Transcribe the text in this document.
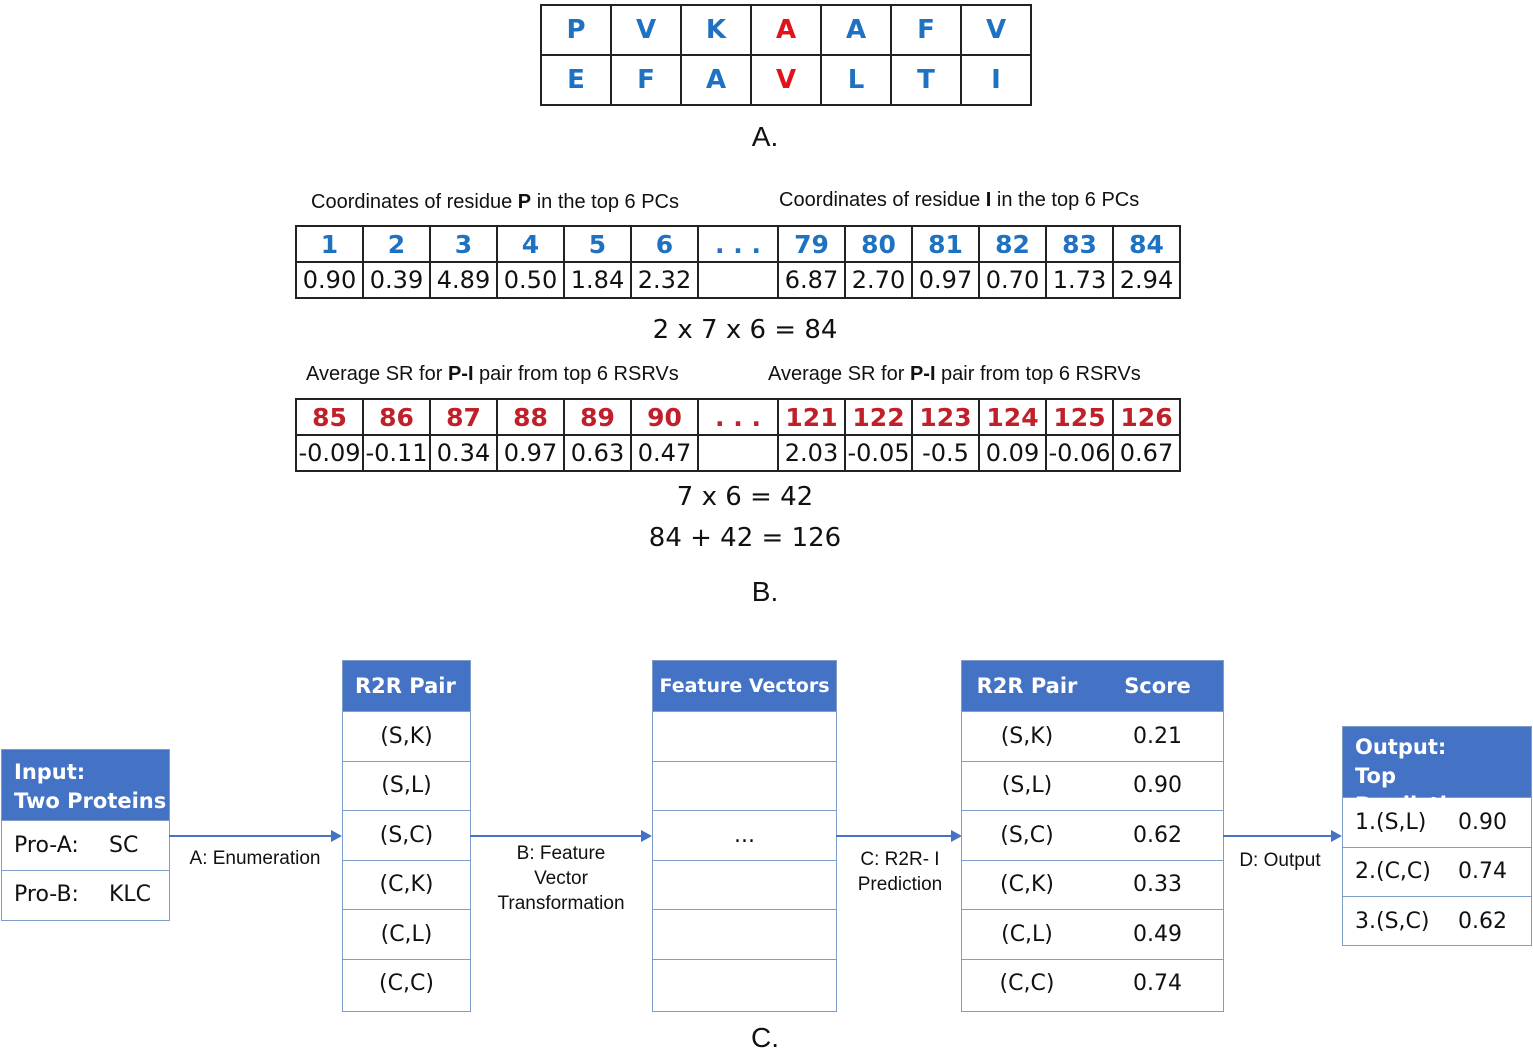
P	V	K	A	A	F	V
E	F	A	V	L	T	I
A.
Coordinates of residue P in the top 6 PCs	Coordinates of residue I in the top 6 PCs
1	2	3	4	5	6	. . .	79	80	81	82	83	84
0.90	0.39	4.89	0.50	1.84	2.32		6.87	2.70	0.97	0.70	1.73	2.94
2 x 7 x 6 = 84
Average SR for P-I pair from top 6 RSRVs	Average SR for P-I pair from top 6 RSRVs
85	86	87	88	89	90	. . .	121	122	123	124	125	126
-0.09	-0.11	0.34	0.97	0.63	0.47		2.03	-0.05	-0.5	0.09	-0.06	0.67
7 x 6 = 42
84 + 42 = 126
B.
Input:
Two Proteins
Pro-A:	SC
Pro-B:	KLC
A: Enumeration
R2R Pair
(S,K)
(S,L)
(S,C)
(C,K)
(C,L)
(C,C)
B: Feature
Vector
Transformation
Feature Vectors
...
C: R2R- I
Prediction
R2R Pair	Score
(S,K)	0.21
(S,L)	0.90
(S,C)	0.62
(C,K)	0.33
(C,L)	0.49
(C,C)	0.74
D: Output
Output:
Top Predictions
1.(S,L)	0.90
2.(C,C)	0.74
3.(S,C)	0.62
C.
